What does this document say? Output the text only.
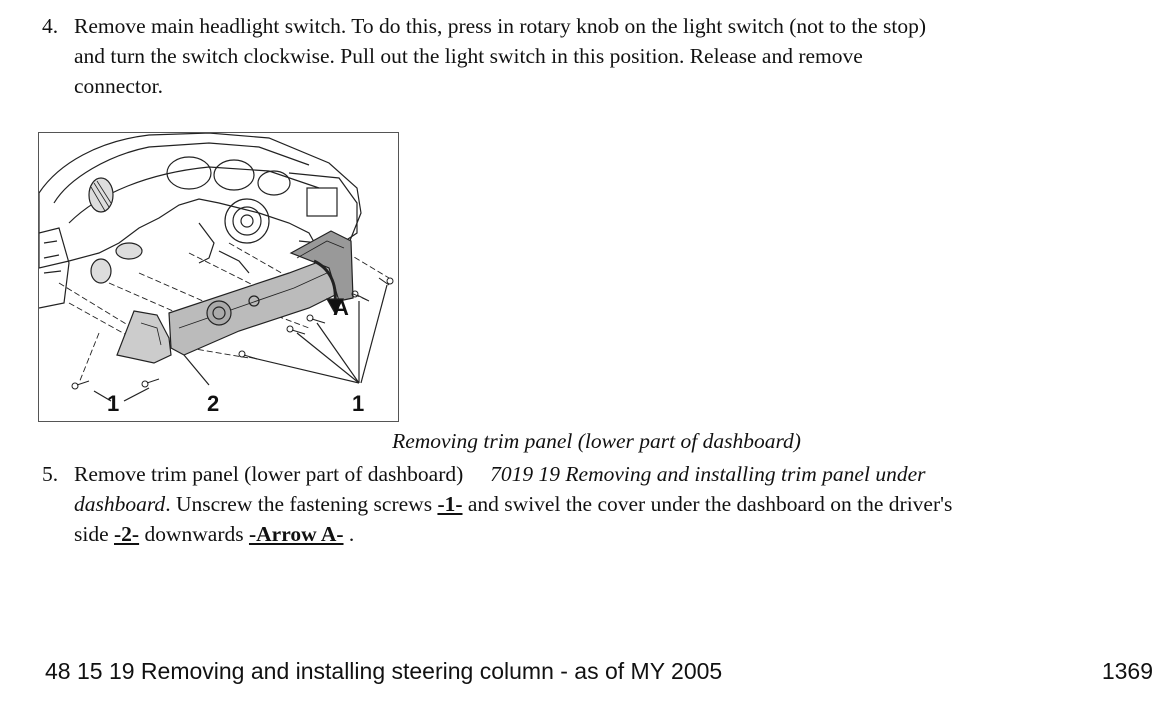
4. Remove main headlight switch. To do this, press in rotary knob on the light switch (not to the stop)
and turn the switch clockwise. Pull out the light switch in this position. Release and remove
connector.
1	2	1
A
Removing trim panel (lower part of dashboard)
5. Remove trim panel (lower part of dashboard) 7019 19 Removing and installing trim panel under
dashboard. Unscrew the fastening screws -1- and swivel the cover under the dashboard on the driver's
side -2- downwards -Arrow A- .
48 15 19 Removing and installing steering column - as of MY 2005	1369
